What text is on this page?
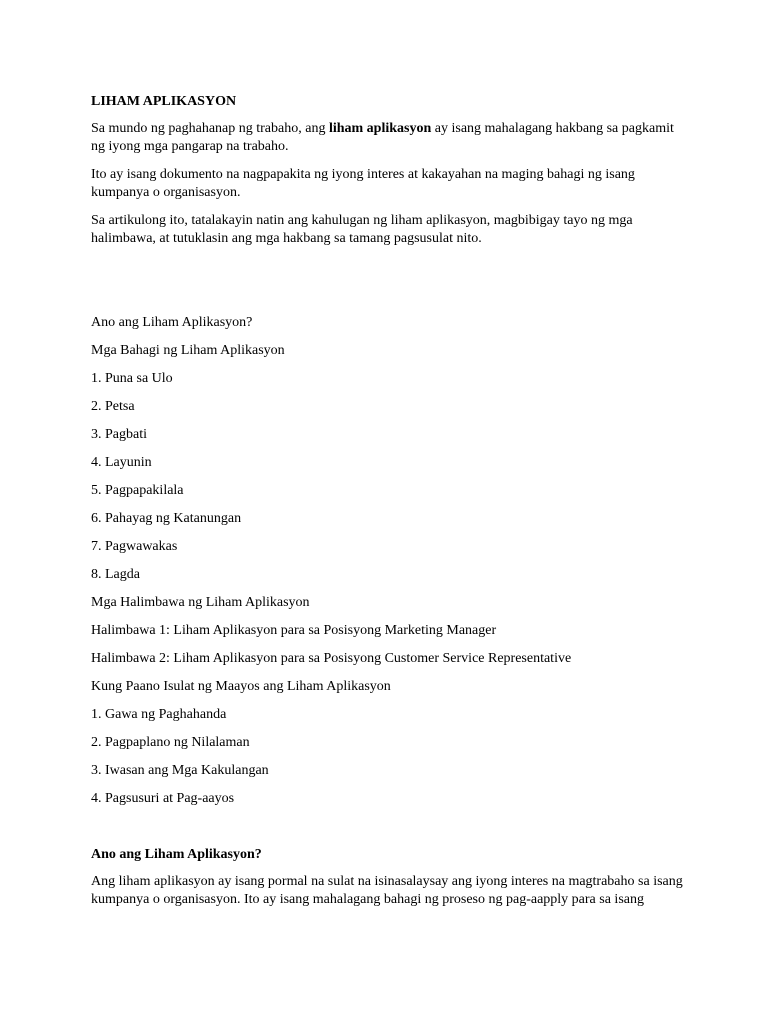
LIHAM APLIKASYON
Sa mundo ng paghahanap ng trabaho, ang liham aplikasyon ay isang mahalagang hakbang sa pagkamit ng iyong mga pangarap na trabaho.
Ito ay isang dokumento na nagpapakita ng iyong interes at kakayahan na maging bahagi ng isang kumpanya o organisasyon.
Sa artikulong ito, tatalakayin natin ang kahulugan ng liham aplikasyon, magbibigay tayo ng mga halimbawa, at tutuklasin ang mga hakbang sa tamang pagsusulat nito.
Ano ang Liham Aplikasyon?
Mga Bahagi ng Liham Aplikasyon
1. Puna sa Ulo
2. Petsa
3. Pagbati
4. Layunin
5. Pagpapakilala
6. Pahayag ng Katanungan
7. Pagwawakas
8. Lagda
Mga Halimbawa ng Liham Aplikasyon
Halimbawa 1: Liham Aplikasyon para sa Posisyong Marketing Manager
Halimbawa 2: Liham Aplikasyon para sa Posisyong Customer Service Representative
Kung Paano Isulat ng Maayos ang Liham Aplikasyon
1. Gawa ng Paghahanda
2. Pagpaplano ng Nilalaman
3. Iwasan ang Mga Kakulangan
4. Pagsusuri at Pag-aayos
Ano ang Liham Aplikasyon?
Ang liham aplikasyon ay isang pormal na sulat na isinasalaysay ang iyong interes na magtrabaho sa isang kumpanya o organisasyon. Ito ay isang mahalagang bahagi ng proseso ng pag-aapply para sa isang
